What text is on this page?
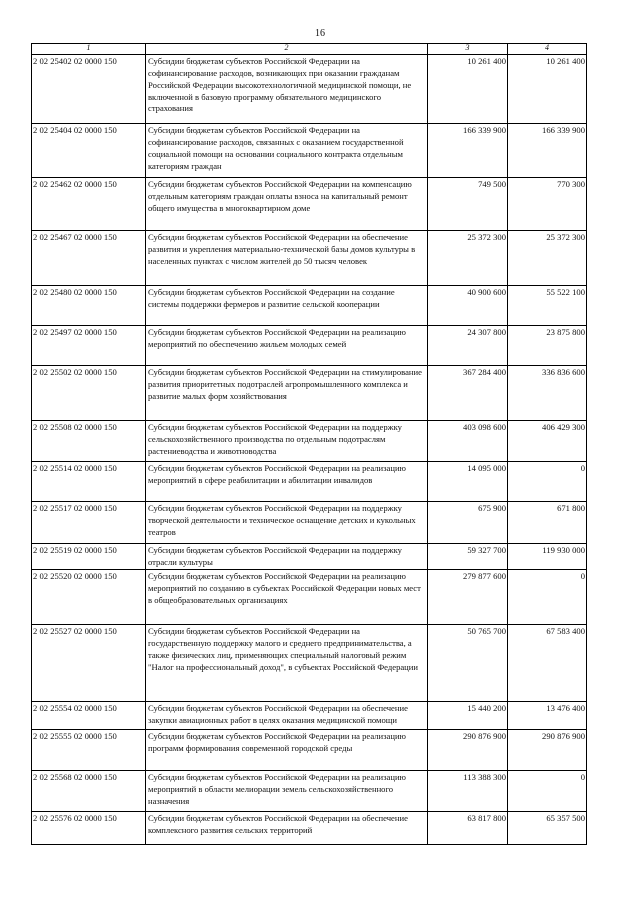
16
1	2	3	4
2 02 25402 02 0000 150	Субсидии бюджетам субъектов Российской Федерации на софинансирование расходов, возникающих при оказании гражданам Российской Федерации высокотехнологичной медицинской помощи, не включенной в базовую программу обязательного медицинского страхования	10 261 400	10 261 400
2 02 25404 02 0000 150	Субсидии бюджетам субъектов Российской Федерации на софинансирование расходов, связанных с оказанием государственной социальной помощи на основании социального контракта отдельным категориям граждан	166 339 900	166 339 900
2 02 25462 02 0000 150	Субсидии бюджетам субъектов Российской Федерации на компенсацию отдельным категориям граждан оплаты взноса на капитальный ремонт общего имущества в многоквартирном доме	749 500	770 300
2 02 25467 02 0000 150	Субсидии бюджетам субъектов Российской Федерации на обеспечение развития и укрепления материально-технической базы домов культуры в населенных пунктах с числом жителей до 50 тысяч человек	25 372 300	25 372 300
2 02 25480 02 0000 150	Субсидии бюджетам субъектов Российской Федерации на создание системы поддержки фермеров и развитие сельской кооперации	40 900 600	55 522 100
2 02 25497 02 0000 150	Субсидии бюджетам субъектов Российской Федерации на реализацию мероприятий по обеспечению жильем молодых семей	24 307 800	23 875 800
2 02 25502 02 0000 150	Субсидии бюджетам субъектов Российской Федерации на стимулирование развития приоритетных подотраслей агропромышленного комплекса и развитие малых форм хозяйствования	367 284 400	336 836 600
2 02 25508 02 0000 150	Субсидии бюджетам субъектов Российской Федерации на поддержку сельскохозяйственного производства по отдельным подотраслям растениеводства и животноводства	403 098 600	406 429 300
2 02 25514 02 0000 150	Субсидии бюджетам субъектов Российской Федерации на реализацию мероприятий в сфере реабилитации и абилитации инвалидов	14 095 000	0
2 02 25517 02 0000 150	Субсидии бюджетам субъектов Российской Федерации на поддержку творческой деятельности и техническое оснащение детских и кукольных театров	675 900	671 800
2 02 25519 02 0000 150	Субсидии бюджетам субъектов Российской Федерации на поддержку отрасли культуры	59 327 700	119 930 000
2 02 25520 02 0000 150	Субсидии бюджетам субъектов Российской Федерации на реализацию мероприятий по созданию в субъектах Российской Федерации новых мест в общеобразовательных организациях	279 877 600	0
2 02 25527 02 0000 150	Субсидии бюджетам субъектов Российской Федерации на государственную поддержку малого и среднего предпринимательства, а также физических лиц, применяющих специальный налоговый режим "Налог на профессиональный доход", в субъектах Российской Федерации	50 765 700	67 583 400
2 02 25554 02 0000 150	Субсидии бюджетам субъектов Российской Федерации на обеспечение закупки авиационных работ в целях оказания медицинской помощи	15 440 200	13 476 400
2 02 25555 02 0000 150	Субсидии бюджетам субъектов Российской Федерации на реализацию программ формирования современной городской среды	290 876 900	290 876 900
2 02 25568 02 0000 150	Субсидии бюджетам субъектов Российской Федерации на реализацию мероприятий в области мелиорации земель сельскохозяйственного назначения	113 388 300	0
2 02 25576 02 0000 150	Субсидии бюджетам субъектов Российской Федерации на обеспечение комплексного развития сельских территорий	63 817 800	65 357 500
